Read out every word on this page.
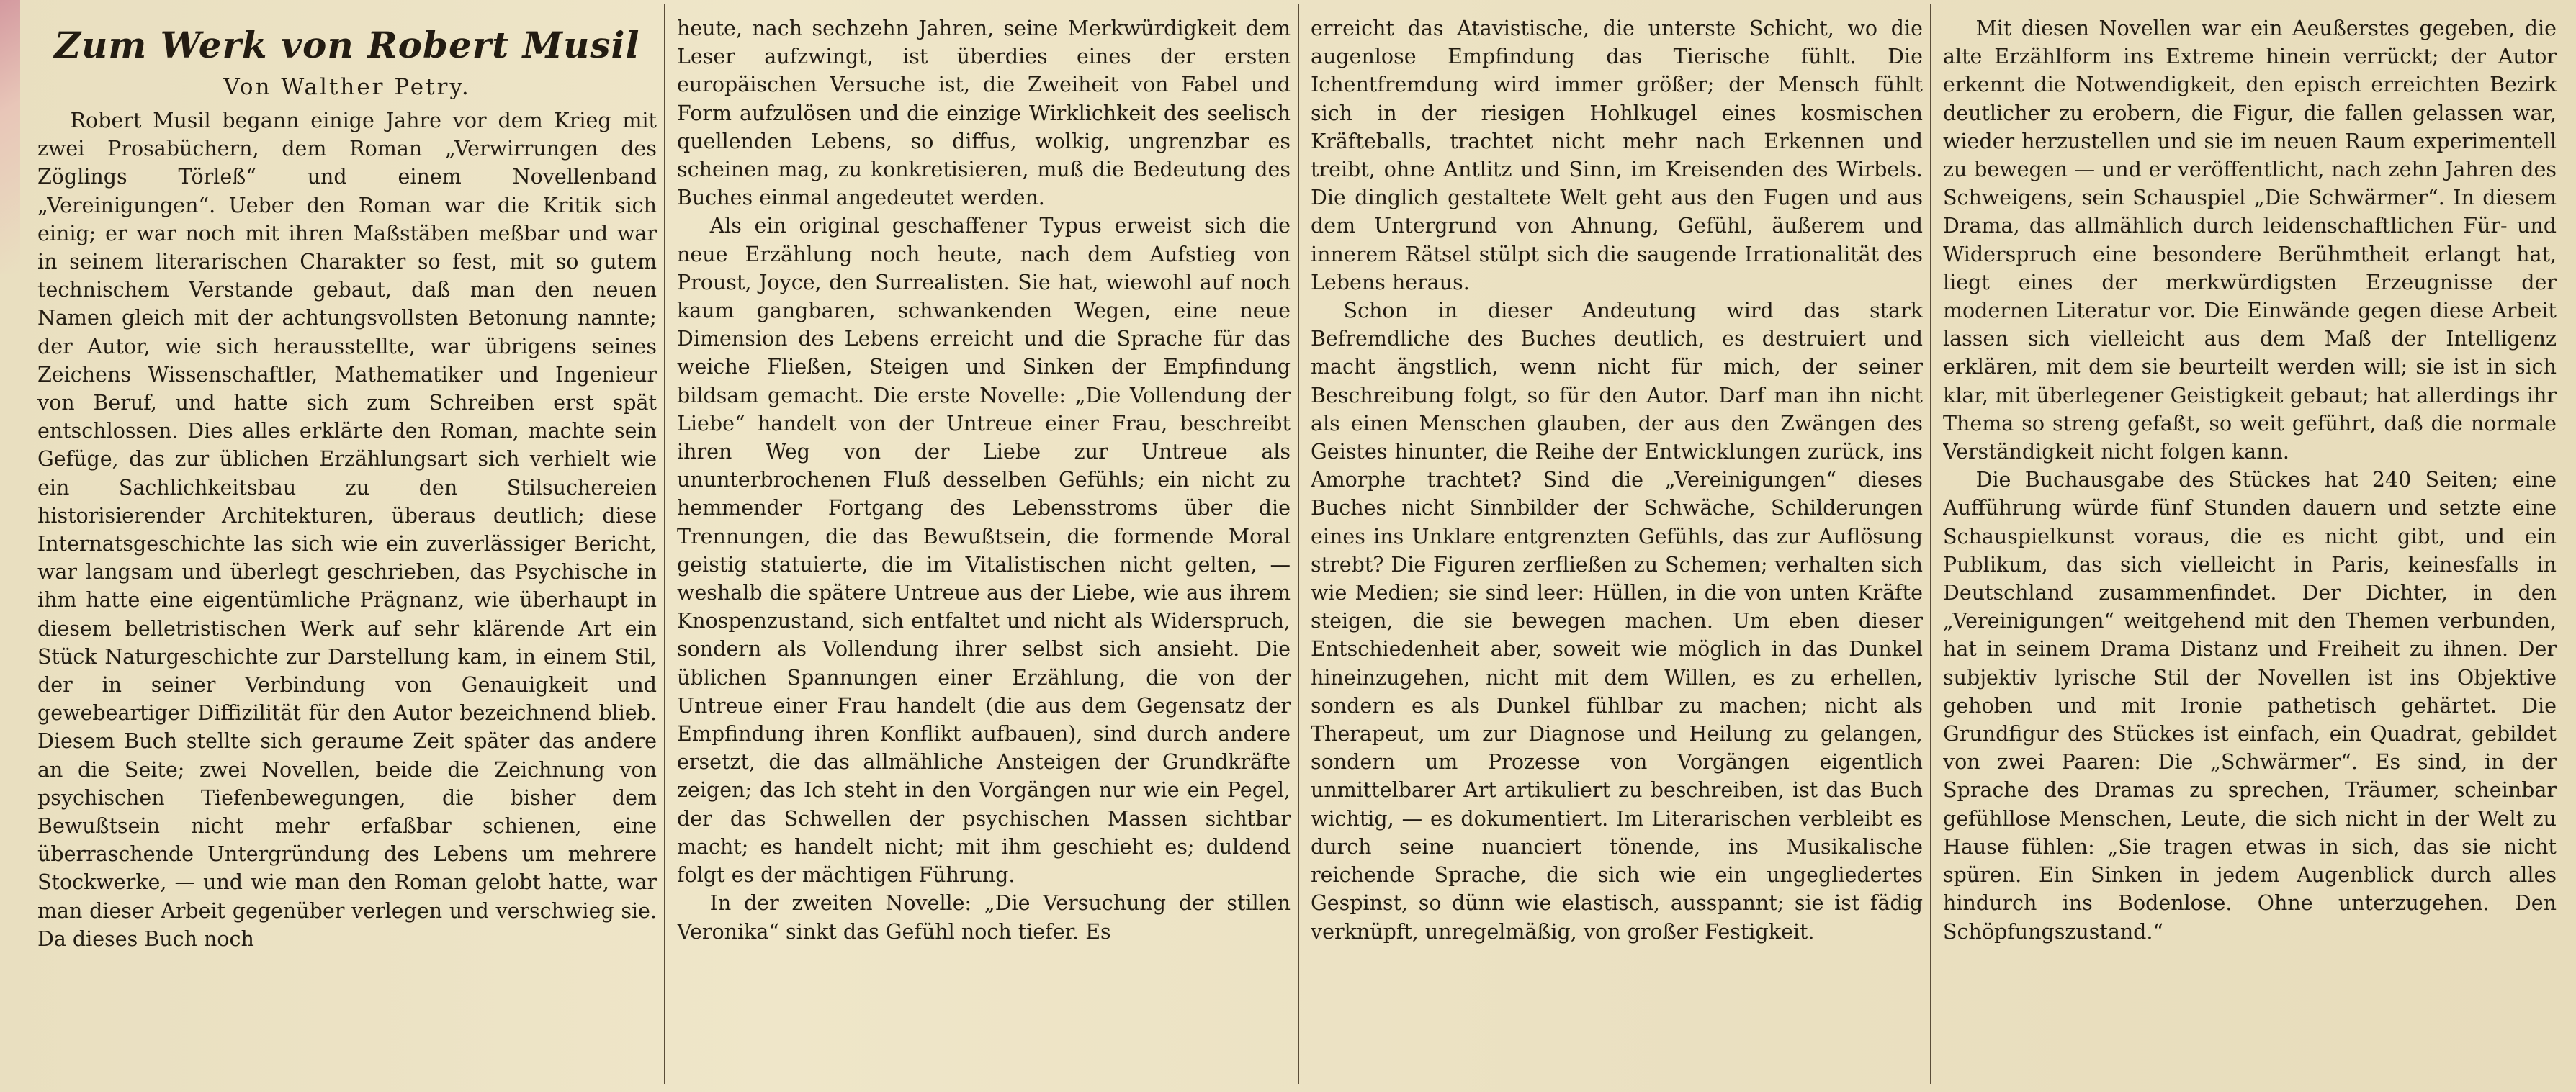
Zum Werk von Robert Musil
Von Walther Petry.

Robert Musil begann einige Jahre vor dem Krieg mit zwei Prosabüchern, dem Roman „Verwirrungen des Zöglings Törleß“ und einem Novellenband „Vereinigungen“. Ueber den Roman war die Kritik sich einig; er war noch mit ihren Maßstäben meßbar und war in seinem literarischen Charakter so fest, mit so gutem technischem Verstande gebaut, daß man den neuen Namen gleich mit der achtungsvollsten Betonung nannte; der Autor, wie sich herausstellte, war übrigens seines Zeichens Wissenschaftler, Mathematiker und Ingenieur von Beruf, und hatte sich zum Schreiben erst spät entschlossen. Dies alles erklärte den Roman, machte sein Gefüge, das zur üblichen Erzählungsart sich verhielt wie ein Sachlichkeitsbau zu den Stilsuchereien historisierender Architekturen, überaus deutlich; diese Internatsgeschichte las sich wie ein zuverlässiger Bericht, war langsam und überlegt geschrieben, das Psychische in ihm hatte eine eigentümliche Prägnanz, wie überhaupt in diesem belletristischen Werk auf sehr klärende Art ein Stück Naturgeschichte zur Darstellung kam, in einem Stil, der in seiner Verbindung von Genauigkeit und gewebeartiger Diffizilität für den Autor bezeichnend blieb. Diesem Buch stellte sich geraume Zeit später das andere an die Seite; zwei Novellen, beide die Zeichnung von psychischen Tiefenbewegungen, die bisher dem Bewußtsein nicht mehr erfaßbar schienen, eine überraschende Untergründung des Lebens um mehrere Stockwerke, — und wie man den Roman gelobt hatte, war man dieser Arbeit gegenüber verlegen und verschwieg sie. Da dieses Buch noch

heute, nach sechzehn Jahren, seine Merkwürdigkeit dem Leser aufzwingt, ist überdies eines der ersten europäischen Versuche ist, die Zweiheit von Fabel und Form aufzulösen und die einzige Wirklichkeit des seelisch quellenden Lebens, so diffus, wolkig, ungrenzbar es scheinen mag, zu konkretisieren, muß die Bedeutung des Buches einmal angedeutet werden.

Als ein original geschaffener Typus erweist sich die neue Erzählung noch heute, nach dem Aufstieg von Proust, Joyce, den Surrealisten. Sie hat, wiewohl auf noch kaum gangbaren, schwankenden Wegen, eine neue Dimension des Lebens erreicht und die Sprache für das weiche Fließen, Steigen und Sinken der Empfindung bildsam gemacht. Die erste Novelle: „Die Vollendung der Liebe“ handelt von der Untreue einer Frau, beschreibt ihren Weg von der Liebe zur Untreue als ununterbrochenen Fluß desselben Gefühls; ein nicht zu hemmender Fortgang des Lebensstroms über die Trennungen, die das Bewußtsein, die formende Moral geistig statuierte, die im Vitalistischen nicht gelten, — weshalb die spätere Untreue aus der Liebe, wie aus ihrem Knospenzustand, sich entfaltet und nicht als Widerspruch, sondern als Vollendung ihrer selbst sich ansieht. Die üblichen Spannungen einer Erzählung, die von der Untreue einer Frau handelt (die aus dem Gegensatz der Empfindung ihren Konflikt aufbauen), sind durch andere ersetzt, die das allmähliche Ansteigen der Grundkräfte zeigen; das Ich steht in den Vorgängen nur wie ein Pegel, der das Schwellen der psychischen Massen sichtbar macht; es handelt nicht; mit ihm geschieht es; duldend folgt es der mächtigen Führung.

In der zweiten Novelle: „Die Versuchung der stillen Veronika“ sinkt das Gefühl noch tiefer. Es

erreicht das Atavistische, die unterste Schicht, wo die augenlose Empfindung das Tierische fühlt. Die Ichentfremdung wird immer größer; der Mensch fühlt sich in der riesigen Hohlkugel eines kosmischen Kräfteballs, trachtet nicht mehr nach Erkennen und treibt, ohne Antlitz und Sinn, im Kreisenden des Wirbels. Die dinglich gestaltete Welt geht aus den Fugen und aus dem Untergrund von Ahnung, Gefühl, äußerem und innerem Rätsel stülpt sich die saugende Irrationalität des Lebens heraus.

Schon in dieser Andeutung wird das stark Befremdliche des Buches deutlich, es destruiert und macht ängstlich, wenn nicht für mich, der seiner Beschreibung folgt, so für den Autor. Darf man ihn nicht als einen Menschen glauben, der aus den Zwängen des Geistes hinunter, die Reihe der Entwicklungen zurück, ins Amorphe trachtet? Sind die „Vereinigungen“ dieses Buches nicht Sinnbilder der Schwäche, Schilderungen eines ins Unklare entgrenzten Gefühls, das zur Auflösung strebt? Die Figuren zerfließen zu Schemen; verhalten sich wie Medien; sie sind leer: Hüllen, in die von unten Kräfte steigen, die sie bewegen machen. Um eben dieser Entschiedenheit aber, soweit wie möglich in das Dunkel hineinzugehen, nicht mit dem Willen, es zu erhellen, sondern es als Dunkel fühlbar zu machen; nicht als Therapeut, um zur Diagnose und Heilung zu gelangen, sondern um Prozesse von Vorgängen eigentlich unmittelbarer Art artikuliert zu beschreiben, ist das Buch wichtig, — es dokumentiert. Im Literarischen verbleibt es durch seine nuanciert tönende, ins Musikalische reichende Sprache, die sich wie ein ungegliedertes Gespinst, so dünn wie elastisch, ausspannt; sie ist fädig verknüpft, unregelmäßig, von großer Festigkeit.

Mit diesen Novellen war ein Aeußerstes gegeben, die alte Erzählform ins Extreme hinein verrückt; der Autor erkennt die Notwendigkeit, den episch erreichten Bezirk deutlicher zu erobern, die Figur, die fallen gelassen war, wieder herzustellen und sie im neuen Raum experimentell zu bewegen — und er veröffentlicht, nach zehn Jahren des Schweigens, sein Schauspiel „Die Schwärmer“. In diesem Drama, das allmählich durch leidenschaftlichen Für- und Widerspruch eine besondere Berühmtheit erlangt hat, liegt eines der merkwürdigsten Erzeugnisse der modernen Literatur vor. Die Einwände gegen diese Arbeit lassen sich vielleicht aus dem Maß der Intelligenz erklären, mit dem sie beurteilt werden will; sie ist in sich klar, mit überlegener Geistigkeit gebaut; hat allerdings ihr Thema so streng gefaßt, so weit geführt, daß die normale Verständigkeit nicht folgen kann.

Die Buchausgabe des Stückes hat 240 Seiten; eine Aufführung würde fünf Stunden dauern und setzte eine Schauspielkunst voraus, die es nicht gibt, und ein Publikum, das sich vielleicht in Paris, keinesfalls in Deutschland zusammenfindet. Der Dichter, in den „Vereinigungen“ weitgehend mit den Themen verbunden, hat in seinem Drama Distanz und Freiheit zu ihnen. Der subjektiv lyrische Stil der Novellen ist ins Objektive gehoben und mit Ironie pathetisch gehärtet. Die Grundfigur des Stückes ist einfach, ein Quadrat, gebildet von zwei Paaren: Die „Schwärmer“. Es sind, in der Sprache des Dramas zu sprechen, Träumer, scheinbar gefühllose Menschen, Leute, die sich nicht in der Welt zu Hause fühlen: „Sie tragen etwas in sich, das sie nicht spüren. Ein Sinken in jedem Augenblick durch alles hindurch ins Bodenlose. Ohne unterzugehen. Den Schöpfungszustand.“
